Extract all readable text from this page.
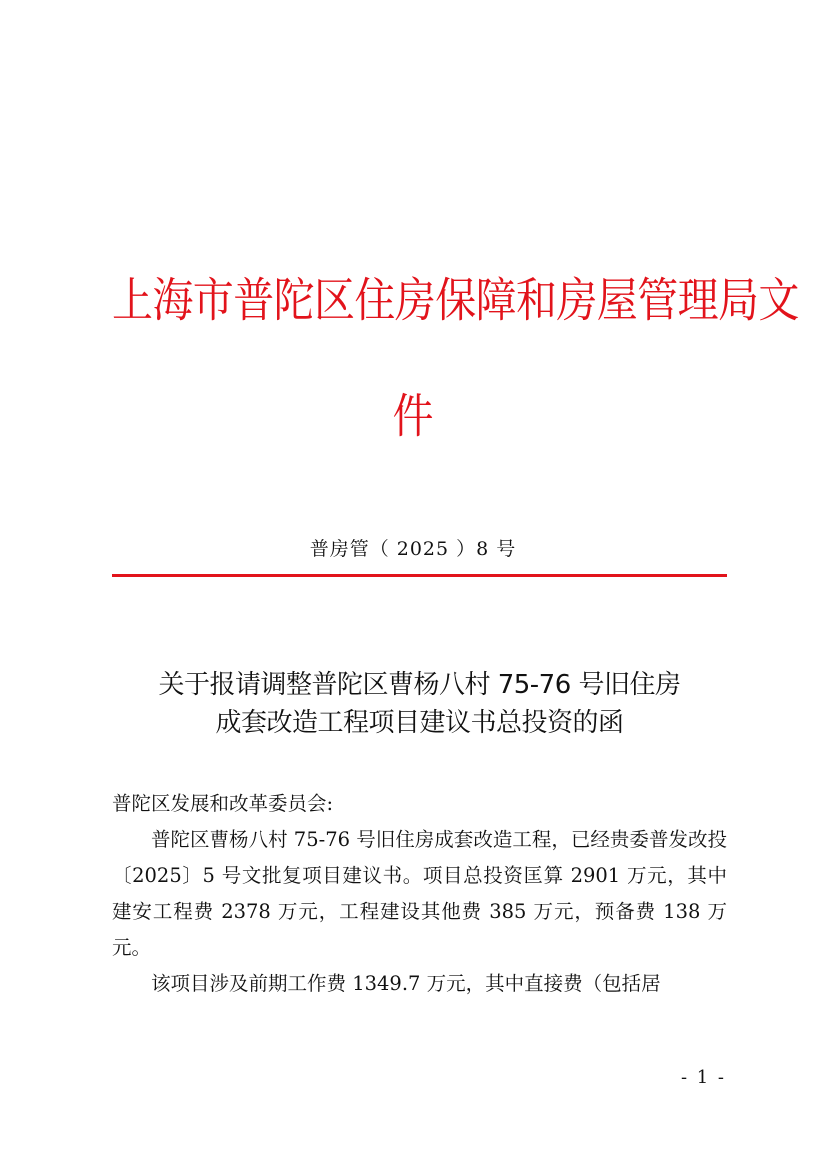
上海市普陀区住房保障和房屋管理局文
件
普房管（ 2025 ）8 号
关于报请调整普陀区曹杨八村 75-76 号旧住房
成套改造工程项目建议书总投资的函

普陀区发展和改革委员会:

普陀区曹杨八村 75-76 号旧住房成套改造工程，已经贵委普发改投〔2025〕5 号文批复项目建议书。项目总投资匡算 2901 万元，其中建安工程费 2378 万元，工程建设其他费 385 万元，预备费 138 万元。

该项目涉及前期工作费 1349.7 万元，其中直接费（包括居

- 1 -
